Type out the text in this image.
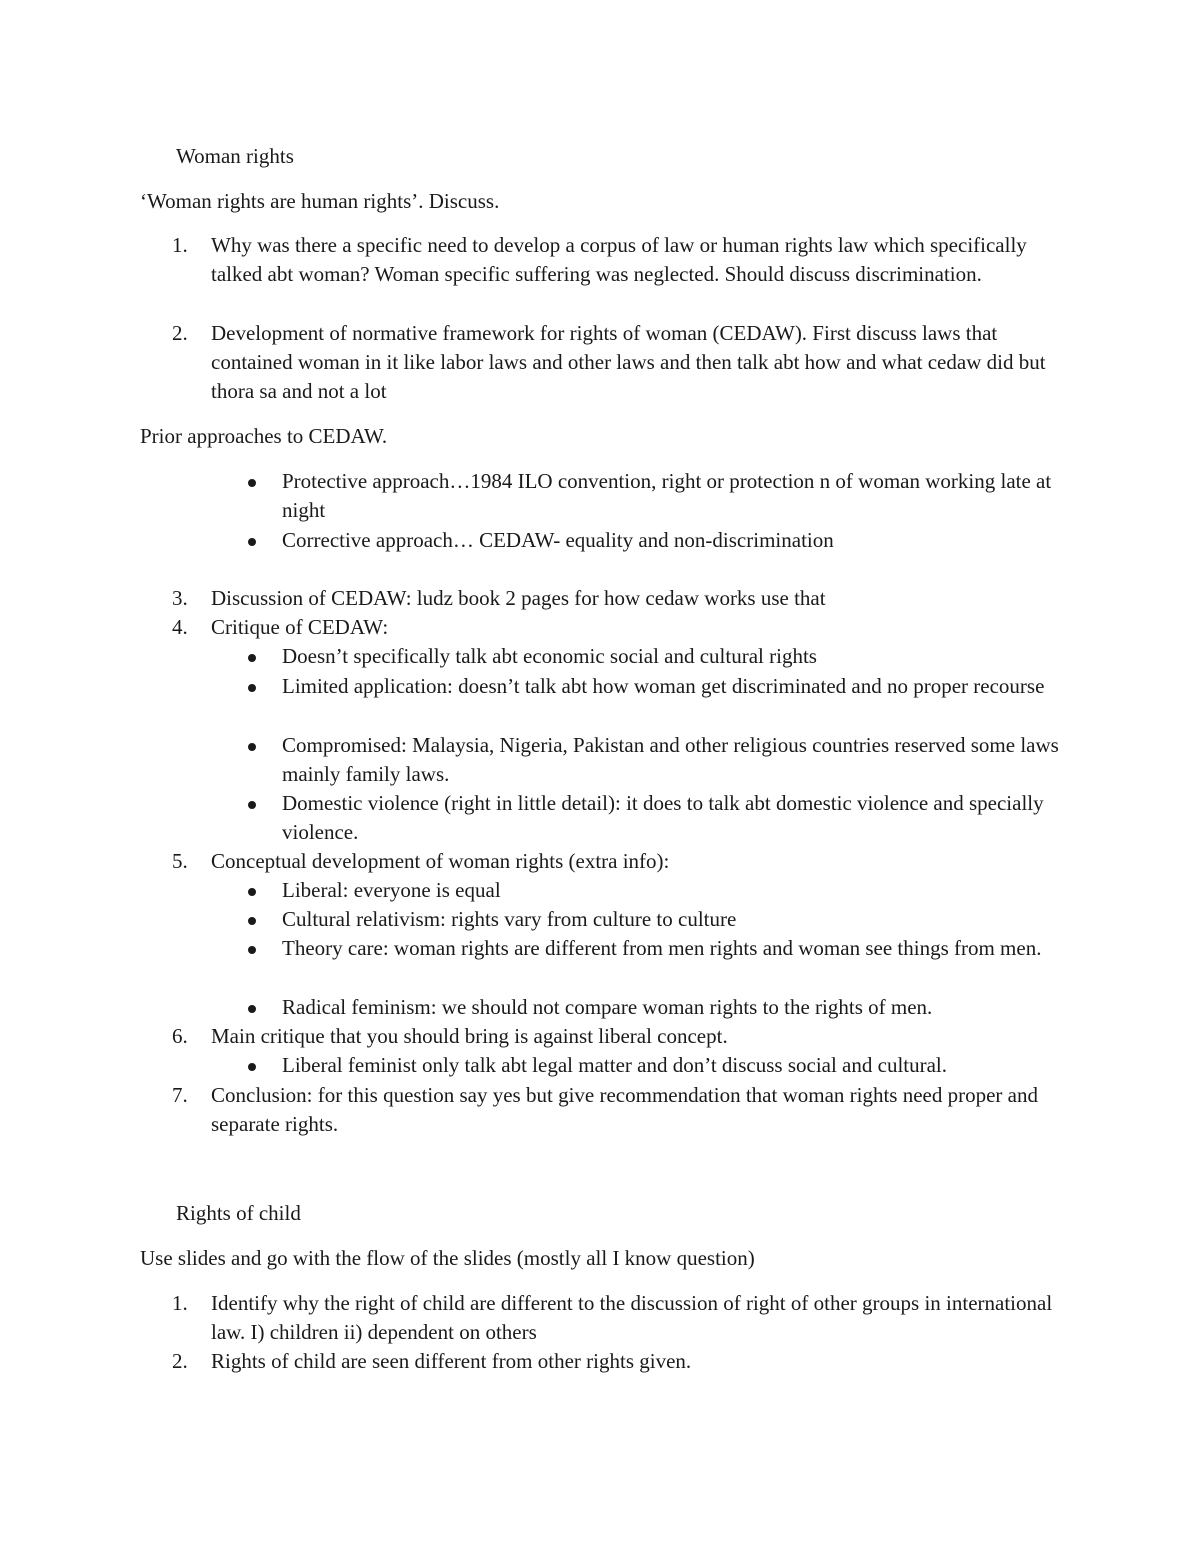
Woman rights
‘Woman rights are human rights’. Discuss.
1.	Why was there a specific need to develop a corpus of law or human rights law which specifically talked abt woman? Woman specific suffering was neglected. Should discuss discrimination.
2.	Development of normative framework for rights of woman (CEDAW). First discuss laws that contained woman in it like labor laws and other laws and then talk abt how and what cedaw did but thora sa and not a lot
Prior approaches to CEDAW.
Protective approach…1984 ILO convention, right or protection n of woman working late at night
Corrective approach… CEDAW- equality and non-discrimination
3.	Discussion of CEDAW: ludz book 2 pages for how cedaw works use that
4.	Critique of CEDAW:
Doesn’t specifically talk abt economic social and cultural rights
Limited application: doesn’t talk abt how woman get discriminated and no proper recourse
Compromised: Malaysia, Nigeria, Pakistan and other religious countries reserved some laws mainly family laws.
Domestic violence (right in little detail): it does to talk abt domestic violence and specially violence.
5.	Conceptual development of woman rights (extra info):
Liberal: everyone is equal
Cultural relativism: rights vary from culture to culture
Theory care: woman rights are different from men rights and woman see things from men.
Radical feminism: we should not compare woman rights to the rights of men.
6.	Main critique that you should bring is against liberal concept.
Liberal feminist only talk abt legal matter and don’t discuss social and cultural.
7.	Conclusion: for this question say yes but give recommendation that woman rights need proper and separate rights.
Rights of child
Use slides and go with the flow of the slides (mostly all I know question)
1.	Identify why the right of child are different to the discussion of right of other groups in international law. I) children ii) dependent on others
2.	Rights of child are seen different from other rights given.
